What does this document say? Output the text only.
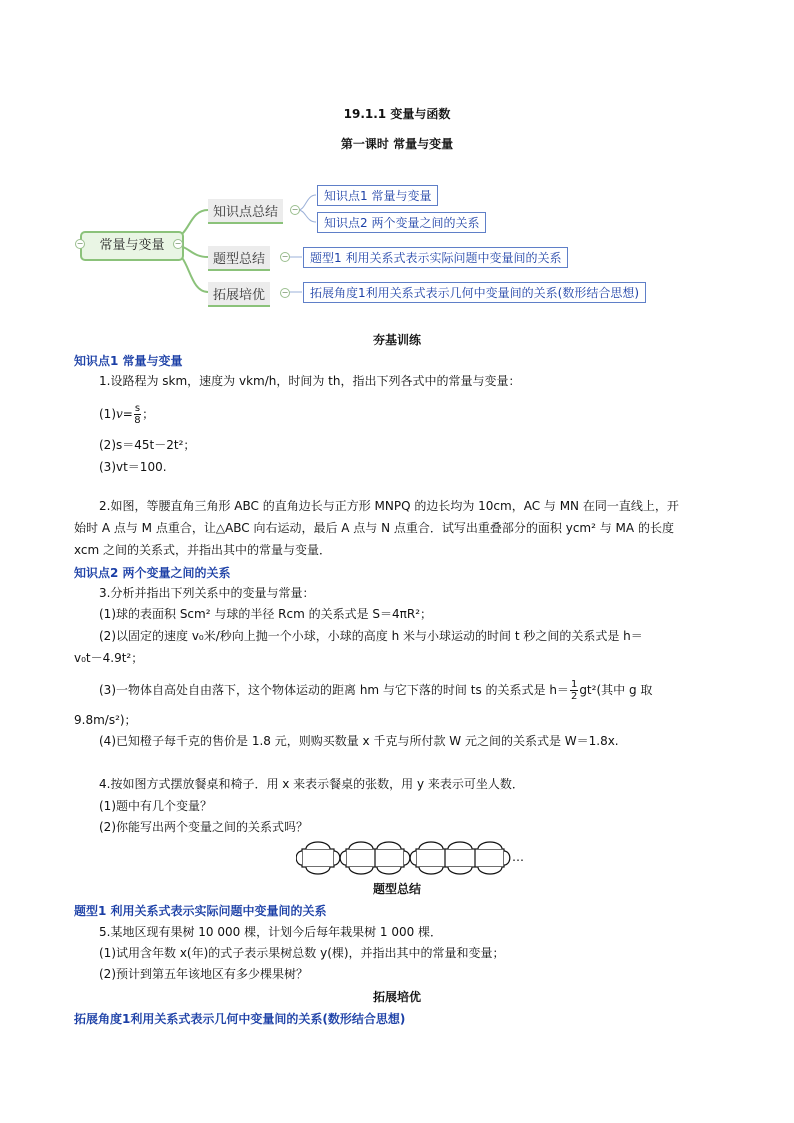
19.1.1 变量与函数
第一课时 常量与变量
常量与变量
−	−
知识点总结	−
题型总结	−
拓展培优	−
知识点1 常量与变量
知识点2 两个变量之间的关系
题型1 利用关系式表示实际问题中变量间的关系
拓展角度1利用关系式表示几何中变量间的关系(数形结合思想)
夯基训练
知识点1 常量与变量
1.设路程为 skm，速度为 vkm/h，时间为 th，指出下列各式中的常量与变量：
$(1)v= \frac{s}{8}$ ；
(2)s＝45t－2t²；
(3)vt＝100.
2.如图，等腰直角三角形 ABC 的直角边长与正方形 MNPQ 的边长均为 10cm，AC 与 MN 在同一直线上，开
始时 A 点与 M 点重合，让△ABC 向右运动，最后 A 点与 N 点重合．试写出重叠部分的面积 ycm² 与 MA 的长度
xcm 之间的关系式，并指出其中的常量与变量．
知识点2 两个变量之间的关系
3.分析并指出下列关系中的变量与常量：
(1)球的表面积 Scm² 与球的半径 Rcm 的关系式是 S＝4πR²；
(2)以固定的速度 v₀米/秒向上抛一个小球，小球的高度 h 米与小球运动的时间 t 秒之间的关系式是 h＝
v₀t－4.9t²；
(3)一物体自高处自由落下，这个物体运动的距离 hm 与它下落的时间 ts 的关系式是 $h= \frac{1}{2} gt^2$(其中 g 取
9.8m/s²)；
(4)已知橙子每千克的售价是 1.8 元，则购买数量 x 千克与所付款 W 元之间的关系式是 W＝1.8x.
4.按如图方式摆放餐桌和椅子．用 x 来表示餐桌的张数，用 y 来表示可坐人数．
(1)题中有几个变量？
(2)你能写出两个变量之间的关系式吗？
…
题型总结
题型1 利用关系式表示实际问题中变量间的关系
5.某地区现有果树 10 000 棵，计划今后每年栽果树 1 000 棵．
(1)试用含年数 x(年)的式子表示果树总数 y(棵)，并指出其中的常量和变量；
(2)预计到第五年该地区有多少棵果树？
拓展培优
拓展角度1利用关系式表示几何中变量间的关系(数形结合思想)
